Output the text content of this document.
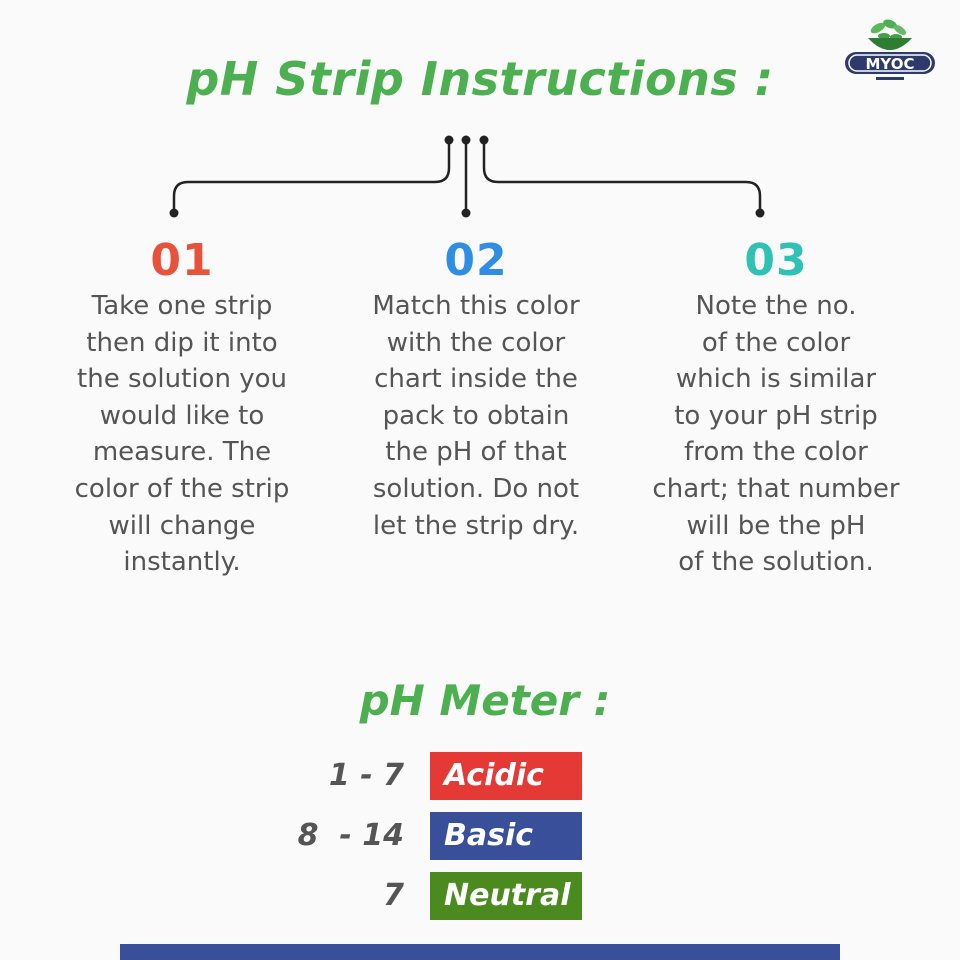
pH Strip Instructions :	MYOC
01
Take one strip
then dip it into
the solution you
would like to
measure. The
color of the strip
will change
instantly.
02
Match this color
with the color
chart inside the
pack to obtain
the pH of that
solution. Do not
let the strip dry.
03
Note the no.
of the color
which is similar
to your pH strip
from the color
chart; that number
will be the pH
of the solution.
pH Meter :
1 - 7	Acidic
8  - 14	Basic
7	Neutral
